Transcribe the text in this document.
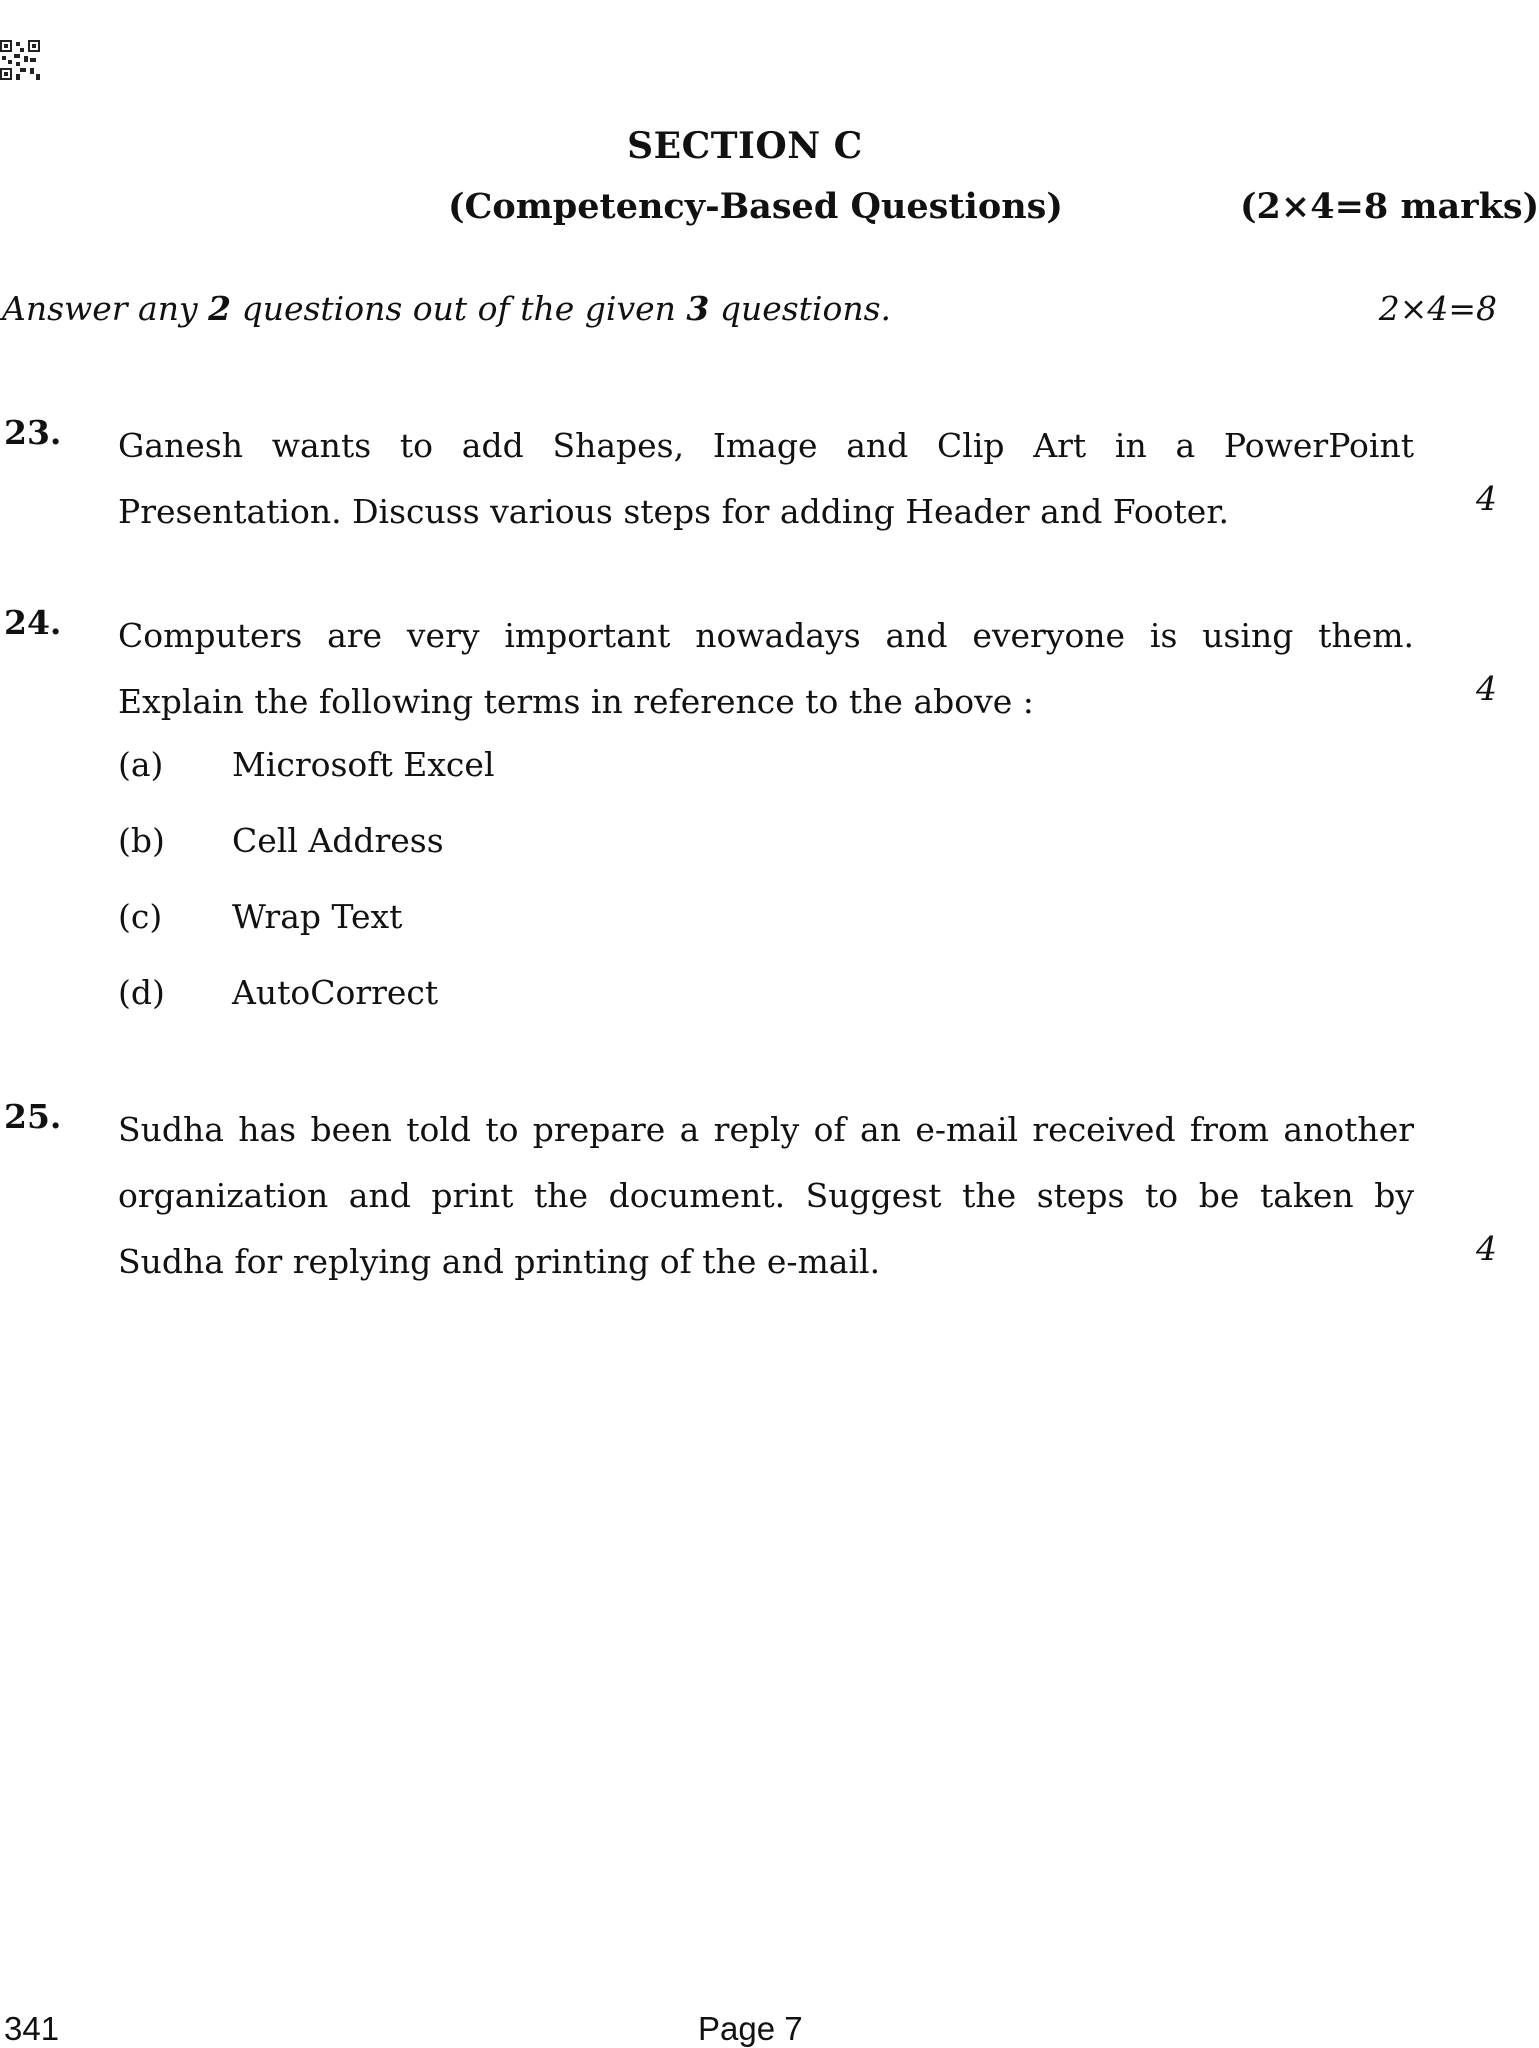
SECTION C
(Competency-Based Questions)	(2×4=8 marks)
Answer any 2 questions out of the given 3 questions.	2×4=8
23. Ganesh wants to add Shapes, Image and Clip Art in a PowerPoint
Presentation. Discuss various steps for adding Header and Footer.	4
24. Computers are very important nowadays and everyone is using them.
Explain the following terms in reference to the above :	4
(a) Microsoft Excel
(b) Cell Address
(c) Wrap Text
(d) AutoCorrect
25. Sudha has been told to prepare a reply of an e-mail received from another
organization and print the document. Suggest the steps to be taken by
Sudha for replying and printing of the e-mail.	4
341	Page 7
